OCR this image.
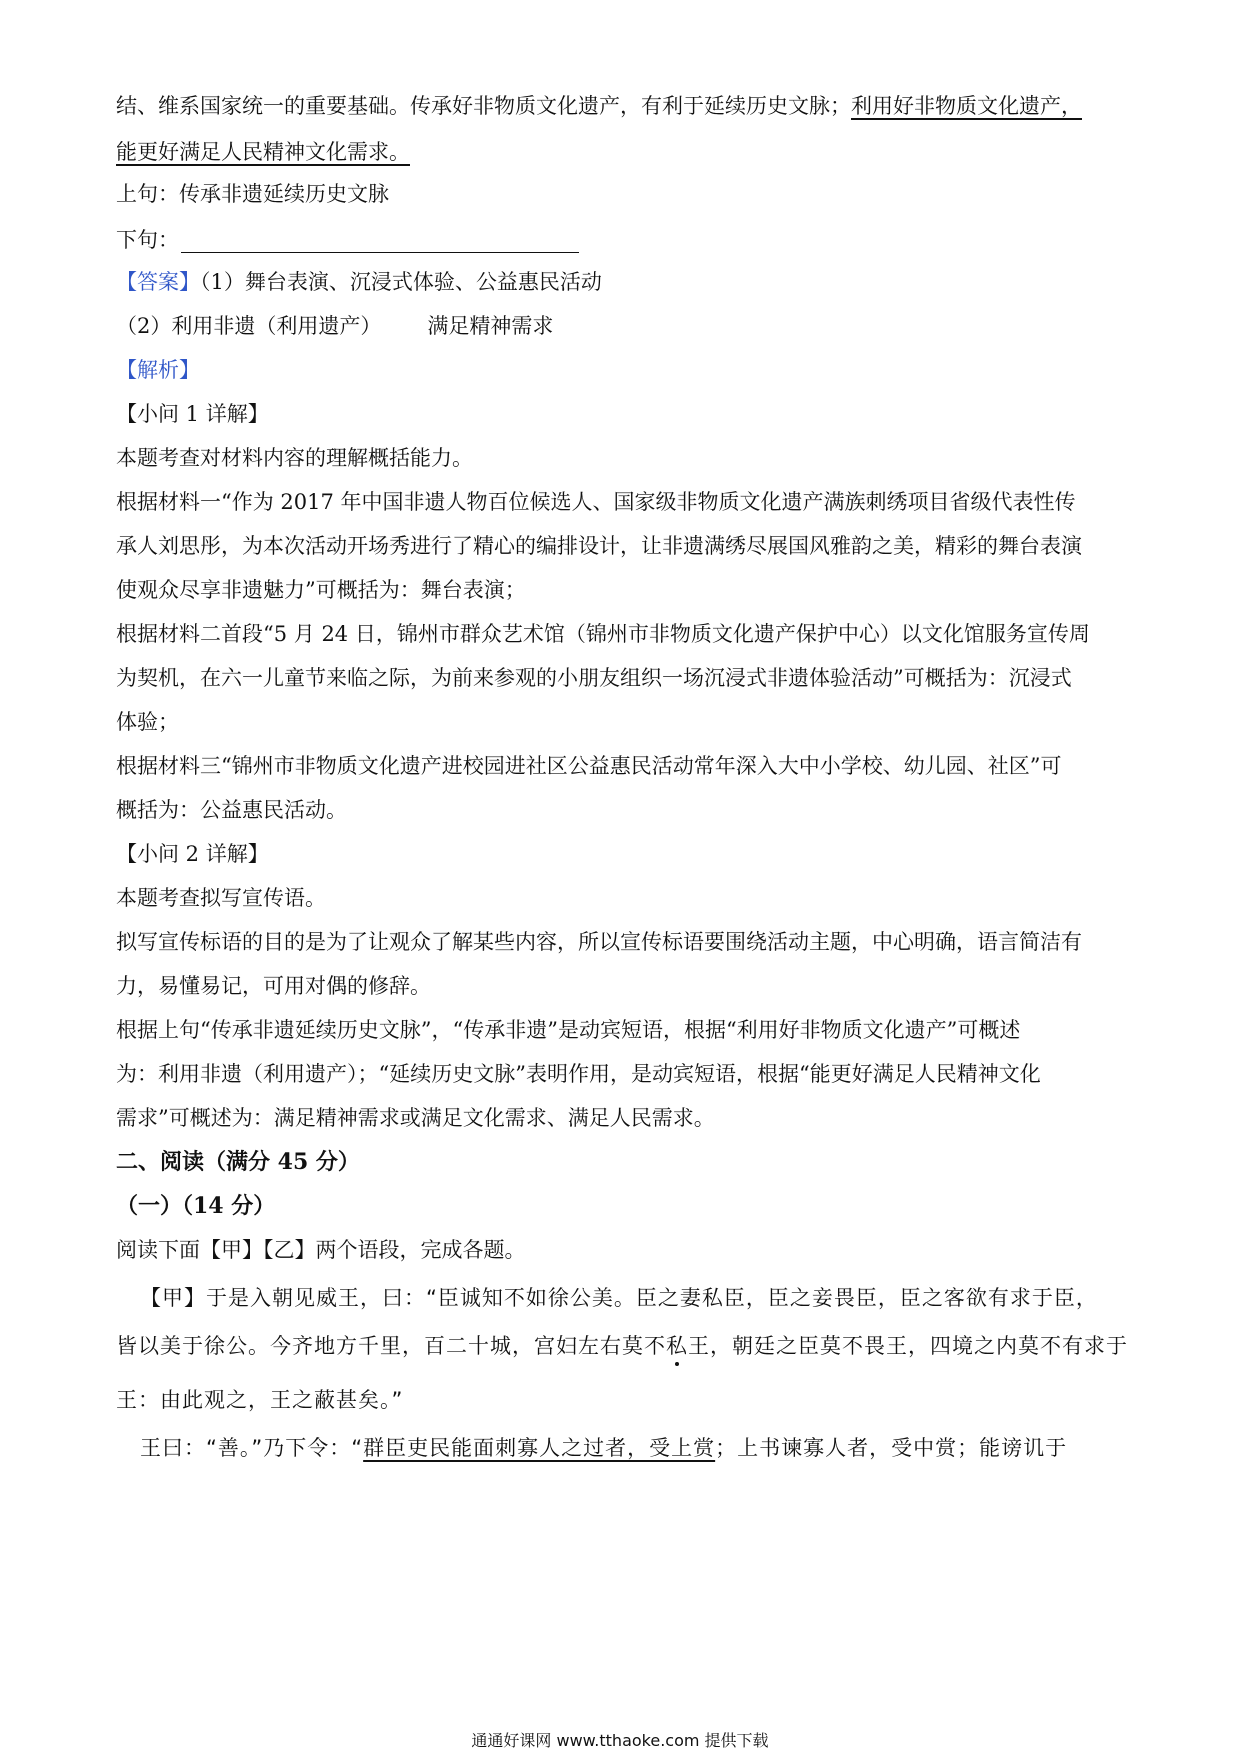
结、维系国家统一的重要基础。传承好非物质文化遗产，有利于延续历史文脉；利用好非物质文化遗产，
能更好满足人民精神文化需求。
上句：传承非遗延续历史文脉
下句：
【答案】（1）舞台表演、沉浸式体验、公益惠民活动
（2）利用非遗（利用遗产） 满足精神需求
【解析】
【小问 1 详解】
本题考查对材料内容的理解概括能力。
根据材料一“作为 2017 年中国非遗人物百位候选人、国家级非物质文化遗产满族刺绣项目省级代表性传
承人刘思彤，为本次活动开场秀进行了精心的编排设计，让非遗满绣尽展国风雅韵之美，精彩的舞台表演
使观众尽享非遗魅力”可概括为：舞台表演；
根据材料二首段“5 月 24 日，锦州市群众艺术馆（锦州市非物质文化遗产保护中心）以文化馆服务宣传周
为契机，在六一儿童节来临之际，为前来参观的小朋友组织一场沉浸式非遗体验活动”可概括为：沉浸式
体验；
根据材料三“锦州市非物质文化遗产进校园进社区公益惠民活动常年深入大中小学校、幼儿园、社区”可
概括为：公益惠民活动。
【小问 2 详解】
本题考查拟写宣传语。
拟写宣传标语的目的是为了让观众了解某些内容，所以宣传标语要围绕活动主题，中心明确，语言简洁有
力，易懂易记，可用对偶的修辞。
根据上句“传承非遗延续历史文脉”，“传承非遗”是动宾短语，根据“利用好非物质文化遗产”可概述
为：利用非遗（利用遗产）；“延续历史文脉”表明作用，是动宾短语，根据“能更好满足人民精神文化
需求”可概述为：满足精神需求或满足文化需求、满足人民需求。
二、阅读（满分 45 分）
（一）（14 分）
阅读下面【甲】【乙】两个语段，完成各题。
【甲】于是入朝见威王，曰：“臣诚知不如徐公美。臣之妻私臣，臣之妾畏臣，臣之客欲有求于臣，
皆以美于徐公。今齐地方千里，百二十城，宫妇左右莫不私王，朝廷之臣莫不畏王，四境之内莫不有求于
王：由此观之，王之蔽甚矣。”
王曰：“善。”乃下令：“群臣吏民能面刺寡人之过者，受上赏；上书谏寡人者，受中赏；能谤讥于
通通好课网 www.tthaoke.com 提供下载
